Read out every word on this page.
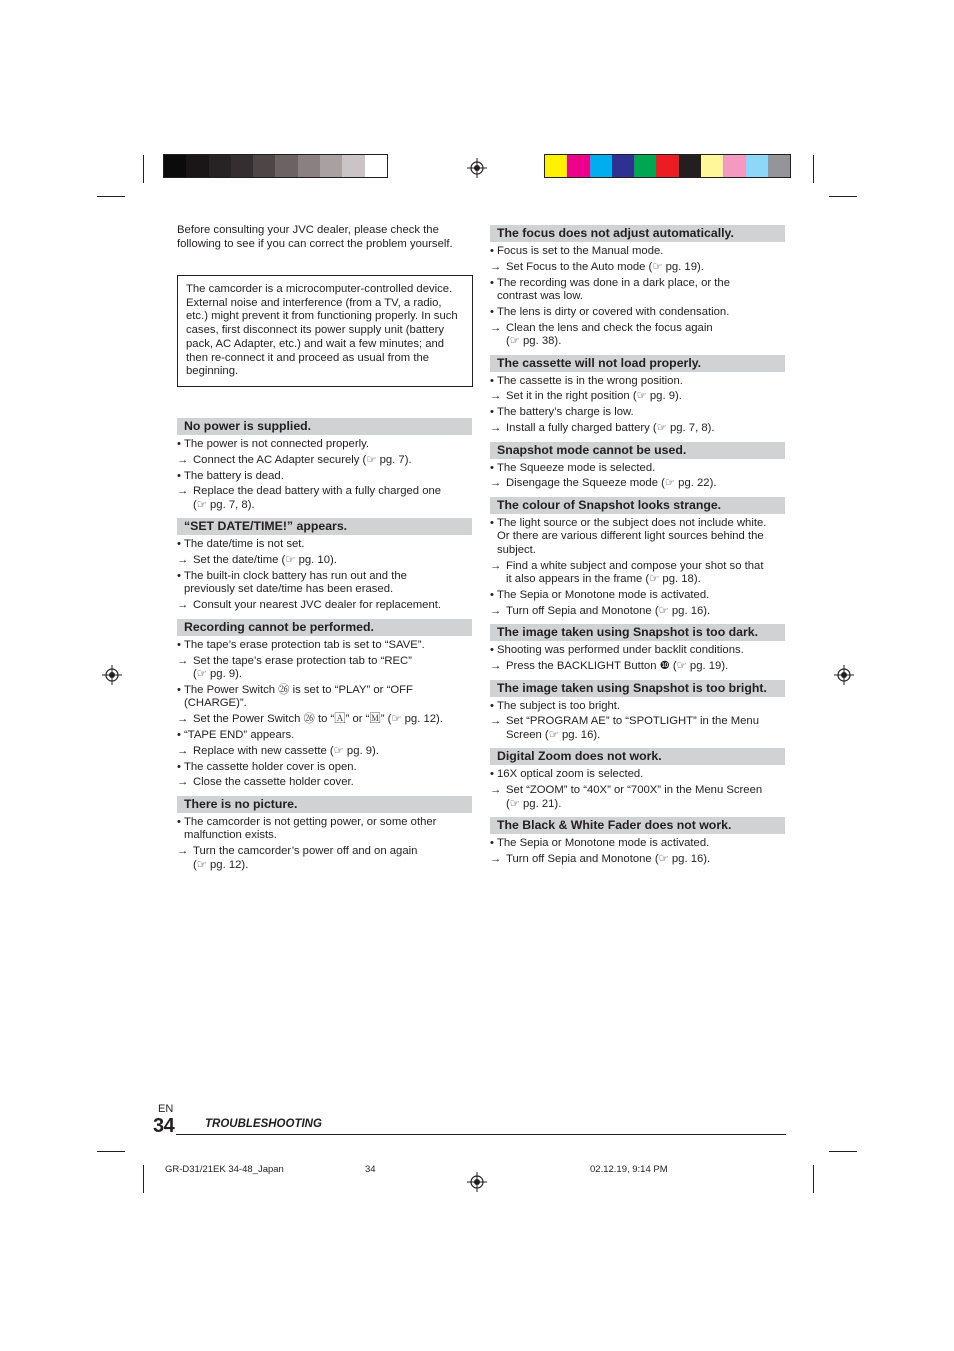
Before consulting your JVC dealer, please check the following to see if you can correct the problem yourself.
The camcorder is a microcomputer-controlled device. External noise and interference (from a TV, a radio, etc.) might prevent it from functioning properly. In such cases, first disconnect its power supply unit (battery pack, AC Adapter, etc.) and wait a few minutes; and then re-connect it and proceed as usual from the beginning.
No power is supplied.
• The power is not connected properly.
→ Connect the AC Adapter securely (☞ pg. 7).
• The battery is dead.
→ Replace the dead battery with a fully charged one
(☞ pg. 7, 8).
“SET DATE/TIME!” appears.
• The date/time is not set.
→ Set the date/time (☞ pg. 10).
• The built-in clock battery has run out and the
previously set date/time has been erased.
→ Consult your nearest JVC dealer for replacement.
Recording cannot be performed.
• The tape’s erase protection tab is set to “SAVE”.
→ Set the tape’s erase protection tab to “REC”
(☞ pg. 9).
• The Power Switch ㉖ is set to “PLAY” or “OFF
(CHARGE)”.
→ Set the Power Switch ㉖ to “🄰” or “🄼” (☞ pg. 12).
• “TAPE END” appears.
→ Replace with new cassette (☞ pg. 9).
• The cassette holder cover is open.
→ Close the cassette holder cover.
There is no picture.
• The camcorder is not getting power, or some other
malfunction exists.
→ Turn the camcorder’s power off and on again
(☞ pg. 12).
The focus does not adjust automatically.
• Focus is set to the Manual mode.
→ Set Focus to the Auto mode (☞ pg. 19).
• The recording was done in a dark place, or the
contrast was low.
• The lens is dirty or covered with condensation.
→ Clean the lens and check the focus again
(☞ pg. 38).
The cassette will not load properly.
• The cassette is in the wrong position.
→ Set it in the right position (☞ pg. 9).
• The battery’s charge is low.
→ Install a fully charged battery (☞ pg. 7, 8).
Snapshot mode cannot be used.
• The Squeeze mode is selected.
→ Disengage the Squeeze mode (☞ pg. 22).
The colour of Snapshot looks strange.
• The light source or the subject does not include white.
Or there are various different light sources behind the
subject.
→ Find a white subject and compose your shot so that
it also appears in the frame (☞ pg. 18).
• The Sepia or Monotone mode is activated.
→ Turn off Sepia and Monotone (☞ pg. 16).
The image taken using Snapshot is too dark.
• Shooting was performed under backlit conditions.
→ Press the BACKLIGHT Button ❿ (☞ pg. 19).
The image taken using Snapshot is too bright.
• The subject is too bright.
→ Set “PROGRAM AE” to “SPOTLIGHT” in the Menu
Screen (☞ pg. 16).
Digital Zoom does not work.
• 16X optical zoom is selected.
→ Set “ZOOM” to “40X” or “700X” in the Menu Screen
(☞ pg. 21).
The Black & White Fader does not work.
• The Sepia or Monotone mode is activated.
→ Turn off Sepia and Monotone (☞ pg. 16).
EN
34	TROUBLESHOOTING
GR-D31/21EK 34-48_Japan	34	02.12.19, 9:14 PM
